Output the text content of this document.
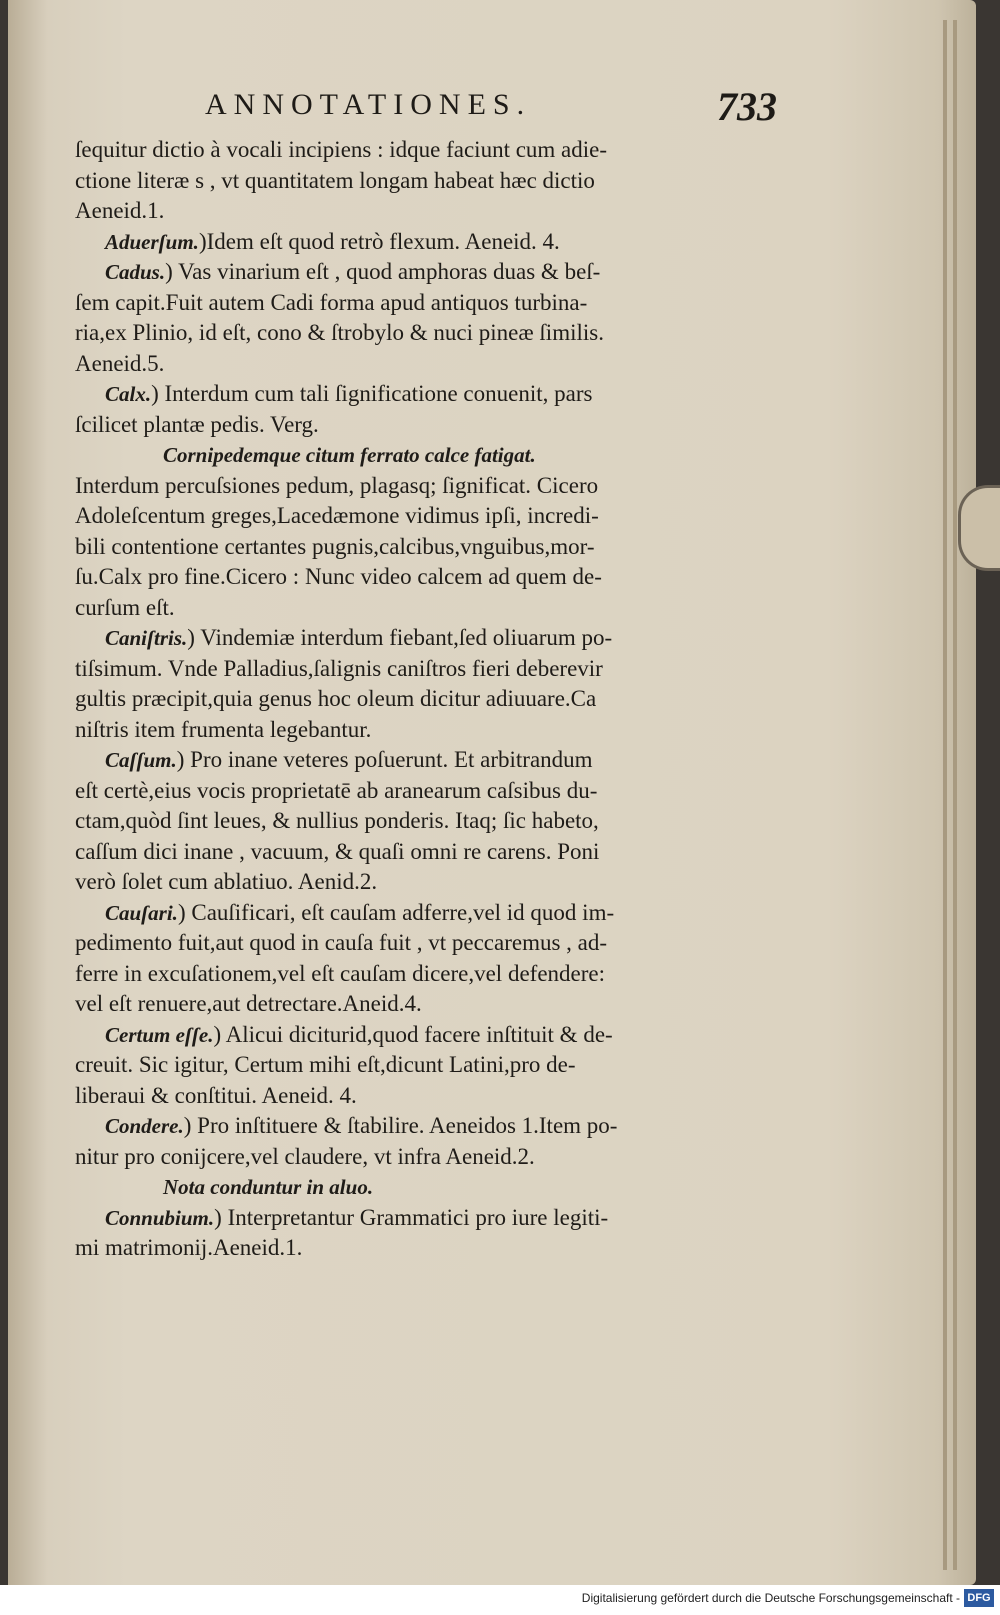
ANNOTATIONES.	733
ſequitur dictio à vocali incipiens : idque faciunt cum adie-
ctione literæ s , vt quantitatem longam habeat hæc dictio
Aeneid.1.
Aduerſum.)Idem eſt quod retrò flexum. Aeneid. 4.
Cadus.) Vas vinarium eſt , quod amphoras duas & beſ-
ſem capit.Fuit autem Cadi forma apud antiquos turbina-
ria,ex Plinio, id eſt, cono & ſtrobylo & nuci pineæ ſimilis.
Aeneid.5.
Calx.) Interdum cum tali ſignificatione conuenit, pars
ſcilicet plantæ pedis. Verg.
Cornipedemque citum ferrato calce fatigat.
Interdum percuſsiones pedum, plagasq; ſignificat. Cicero
Adoleſcentum greges,Lacedæmone vidimus ipſi, incredi-
bili contentione certantes pugnis,calcibus,vnguibus,mor-
ſu.Calx pro fine.Cicero : Nunc video calcem ad quem de-
curſum eſt.
Caniſtris.) Vindemiæ interdum fiebant,ſed oliuarum po-
tiſsimum. Vnde Palladius,ſalignis caniſtros fieri deberevir
gultis præcipit,quia genus hoc oleum dicitur adiuuare.Ca
niſtris item frumenta legebantur.
Caſſum.) Pro inane veteres poſuerunt. Et arbitrandum
eſt certè,eius vocis proprietatē ab aranearum caſsibus du-
ctam,quòd ſint leues, & nullius ponderis. Itaq; ſic habeto,
caſſum dici inane , vacuum, & quaſi omni re carens. Poni
verò ſolet cum ablatiuo. Aenid.2.
Cauſari.) Cauſificari, eſt cauſam adferre,vel id quod im-
pedimento fuit,aut quod in cauſa fuit , vt peccaremus , ad-
ferre in excuſationem,vel eſt cauſam dicere,vel defendere:
vel eſt renuere,aut detrectare.Aneid.4.
Certum eſſe.) Alicui diciturid,quod facere inſtituit & de-
creuit. Sic igitur, Certum mihi eſt,dicunt Latini,pro de-
liberaui & conſtitui. Aeneid. 4.
Condere.) Pro inſtituere & ſtabilire. Aeneidos 1.Item po-
nitur pro conijcere,vel claudere, vt infra Aeneid.2.
Nota conduntur in aluo.
Connubium.) Interpretantur Grammatici pro iure legiti-
mi matrimonij.Aeneid.1.
Digitalisierung gefördert durch die Deutsche Forschungsgemeinschaft - DFG
